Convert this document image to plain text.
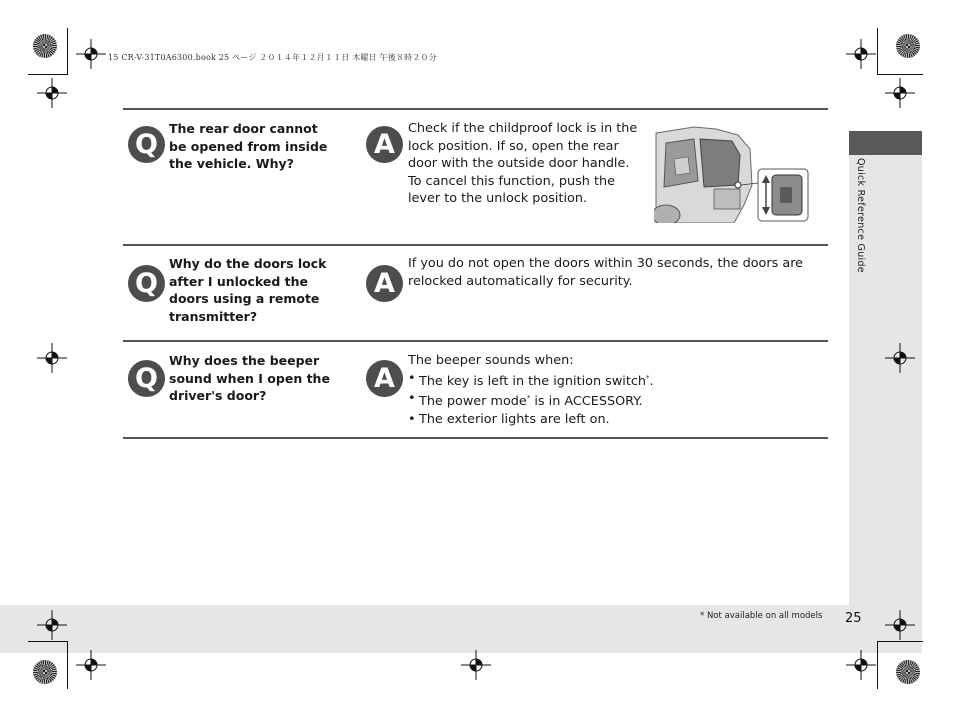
Quick Reference Guide
15 CR-V-31T0A6300.book 25 ページ ２０１４年１２月１１日 木曜日 午後８時２０分
Q
The rear door cannot be opened from inside the vehicle. Why?
A

Check if the childproof lock is in the

lock position. If so, open the rear

door with the outside door handle.

To cancel this function, push the

lever to the unlock position.

Q
Why do the doors lock after I unlocked the doors using a remote transmitter?
A

If you do not open the doors within 30 seconds, the doors are

relocked automatically for security.

Q
Why does the beeper sound when I open the driver's door?
A

The beeper sounds when:

• The key is left in the ignition switch*.
• The power mode* is in ACCESSORY.
• The exterior lights are left on.
* Not available on all models 25
